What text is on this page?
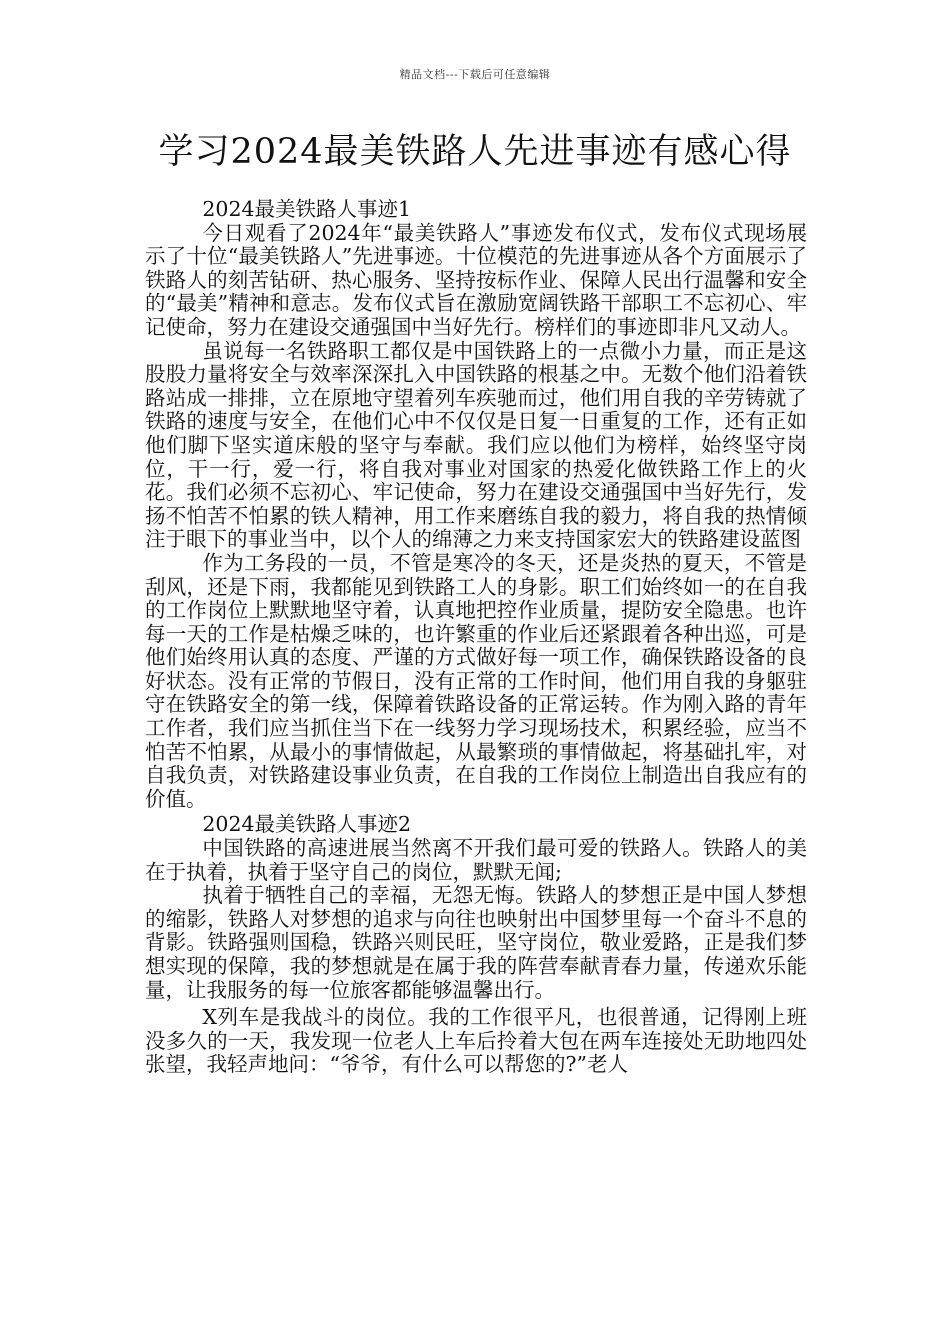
精品文档---下载后可任意编辑
学习2024最美铁路人先进事迹有感心得
2024最美铁路人事迹1

今日观看了2024年“最美铁路人”事迹发布仪式，发布仪式现场展示了十位“最美铁路人”先进事迹。十位模范的先进事迹从各个方面展示了铁路人的刻苦钻研、热心服务、坚持按标作业、保障人民出行温馨和安全的“最美”精神和意志。发布仪式旨在激励宽阔铁路干部职工不忘初心、牢记使命，努力在建设交通强国中当好先行。榜样们的事迹即非凡又动人。

虽说每一名铁路职工都仅是中国铁路上的一点微小力量，而正是这股股力量将安全与效率深深扎入中国铁路的根基之中。无数个他们沿着铁路站成一排排，立在原地守望着列车疾驰而过，他们用自我的辛劳铸就了铁路的速度与安全，在他们心中不仅仅是日复一日重复的工作，还有正如他们脚下坚实道床般的坚守与奉献。我们应以他们为榜样，始终坚守岗位，干一行，爱一行，将自我对事业对国家的热爱化做铁路工作上的火花。我们必须不忘初心、牢记使命，努力在建设交通强国中当好先行，发扬不怕苦不怕累的铁人精神，用工作来磨练自我的毅力，将自我的热情倾注于眼下的事业当中，以个人的绵薄之力来支持国家宏大的铁路建设蓝图

作为工务段的一员，不管是寒冷的冬天，还是炎热的夏天，不管是刮风，还是下雨，我都能见到铁路工人的身影。职工们始终如一的在自我的工作岗位上默默地坚守着，认真地把控作业质量，提防安全隐患。也许每一天的工作是枯燥乏味的，也许繁重的作业后还紧跟着各种出巡，可是他们始终用认真的态度、严谨的方式做好每一项工作，确保铁路设备的良好状态。没有正常的节假日，没有正常的工作时间，他们用自我的身躯驻守在铁路安全的第一线，保障着铁路设备的正常运转。作为刚入路的青年工作者，我们应当抓住当下在一线努力学习现场技术，积累经验，应当不怕苦不怕累，从最小的事情做起，从最繁琐的事情做起，将基础扎牢，对自我负责，对铁路建设事业负责，在自我的工作岗位上制造出自我应有的价值。

2024最美铁路人事迹2

中国铁路的高速进展当然离不开我们最可爱的铁路人。铁路人的美在于执着，执着于坚守自己的岗位，默默无闻;

执着于牺牲自己的幸福，无怨无悔。铁路人的梦想正是中国人梦想的缩影，铁路人对梦想的追求与向往也映射出中国梦里每一个奋斗不息的背影。铁路强则国稳，铁路兴则民旺，坚守岗位，敬业爱路，正是我们梦想实现的保障，我的梦想就是在属于我的阵营奉献青春力量，传递欢乐能量，让我服务的每一位旅客都能够温馨出行。

X列车是我战斗的岗位。我的工作很平凡，也很普通，记得刚上班没多久的一天，我发现一位老人上车后拎着大包在两车连接处无助地四处张望，我轻声地问：“爷爷，有什么可以帮您的?”老人
